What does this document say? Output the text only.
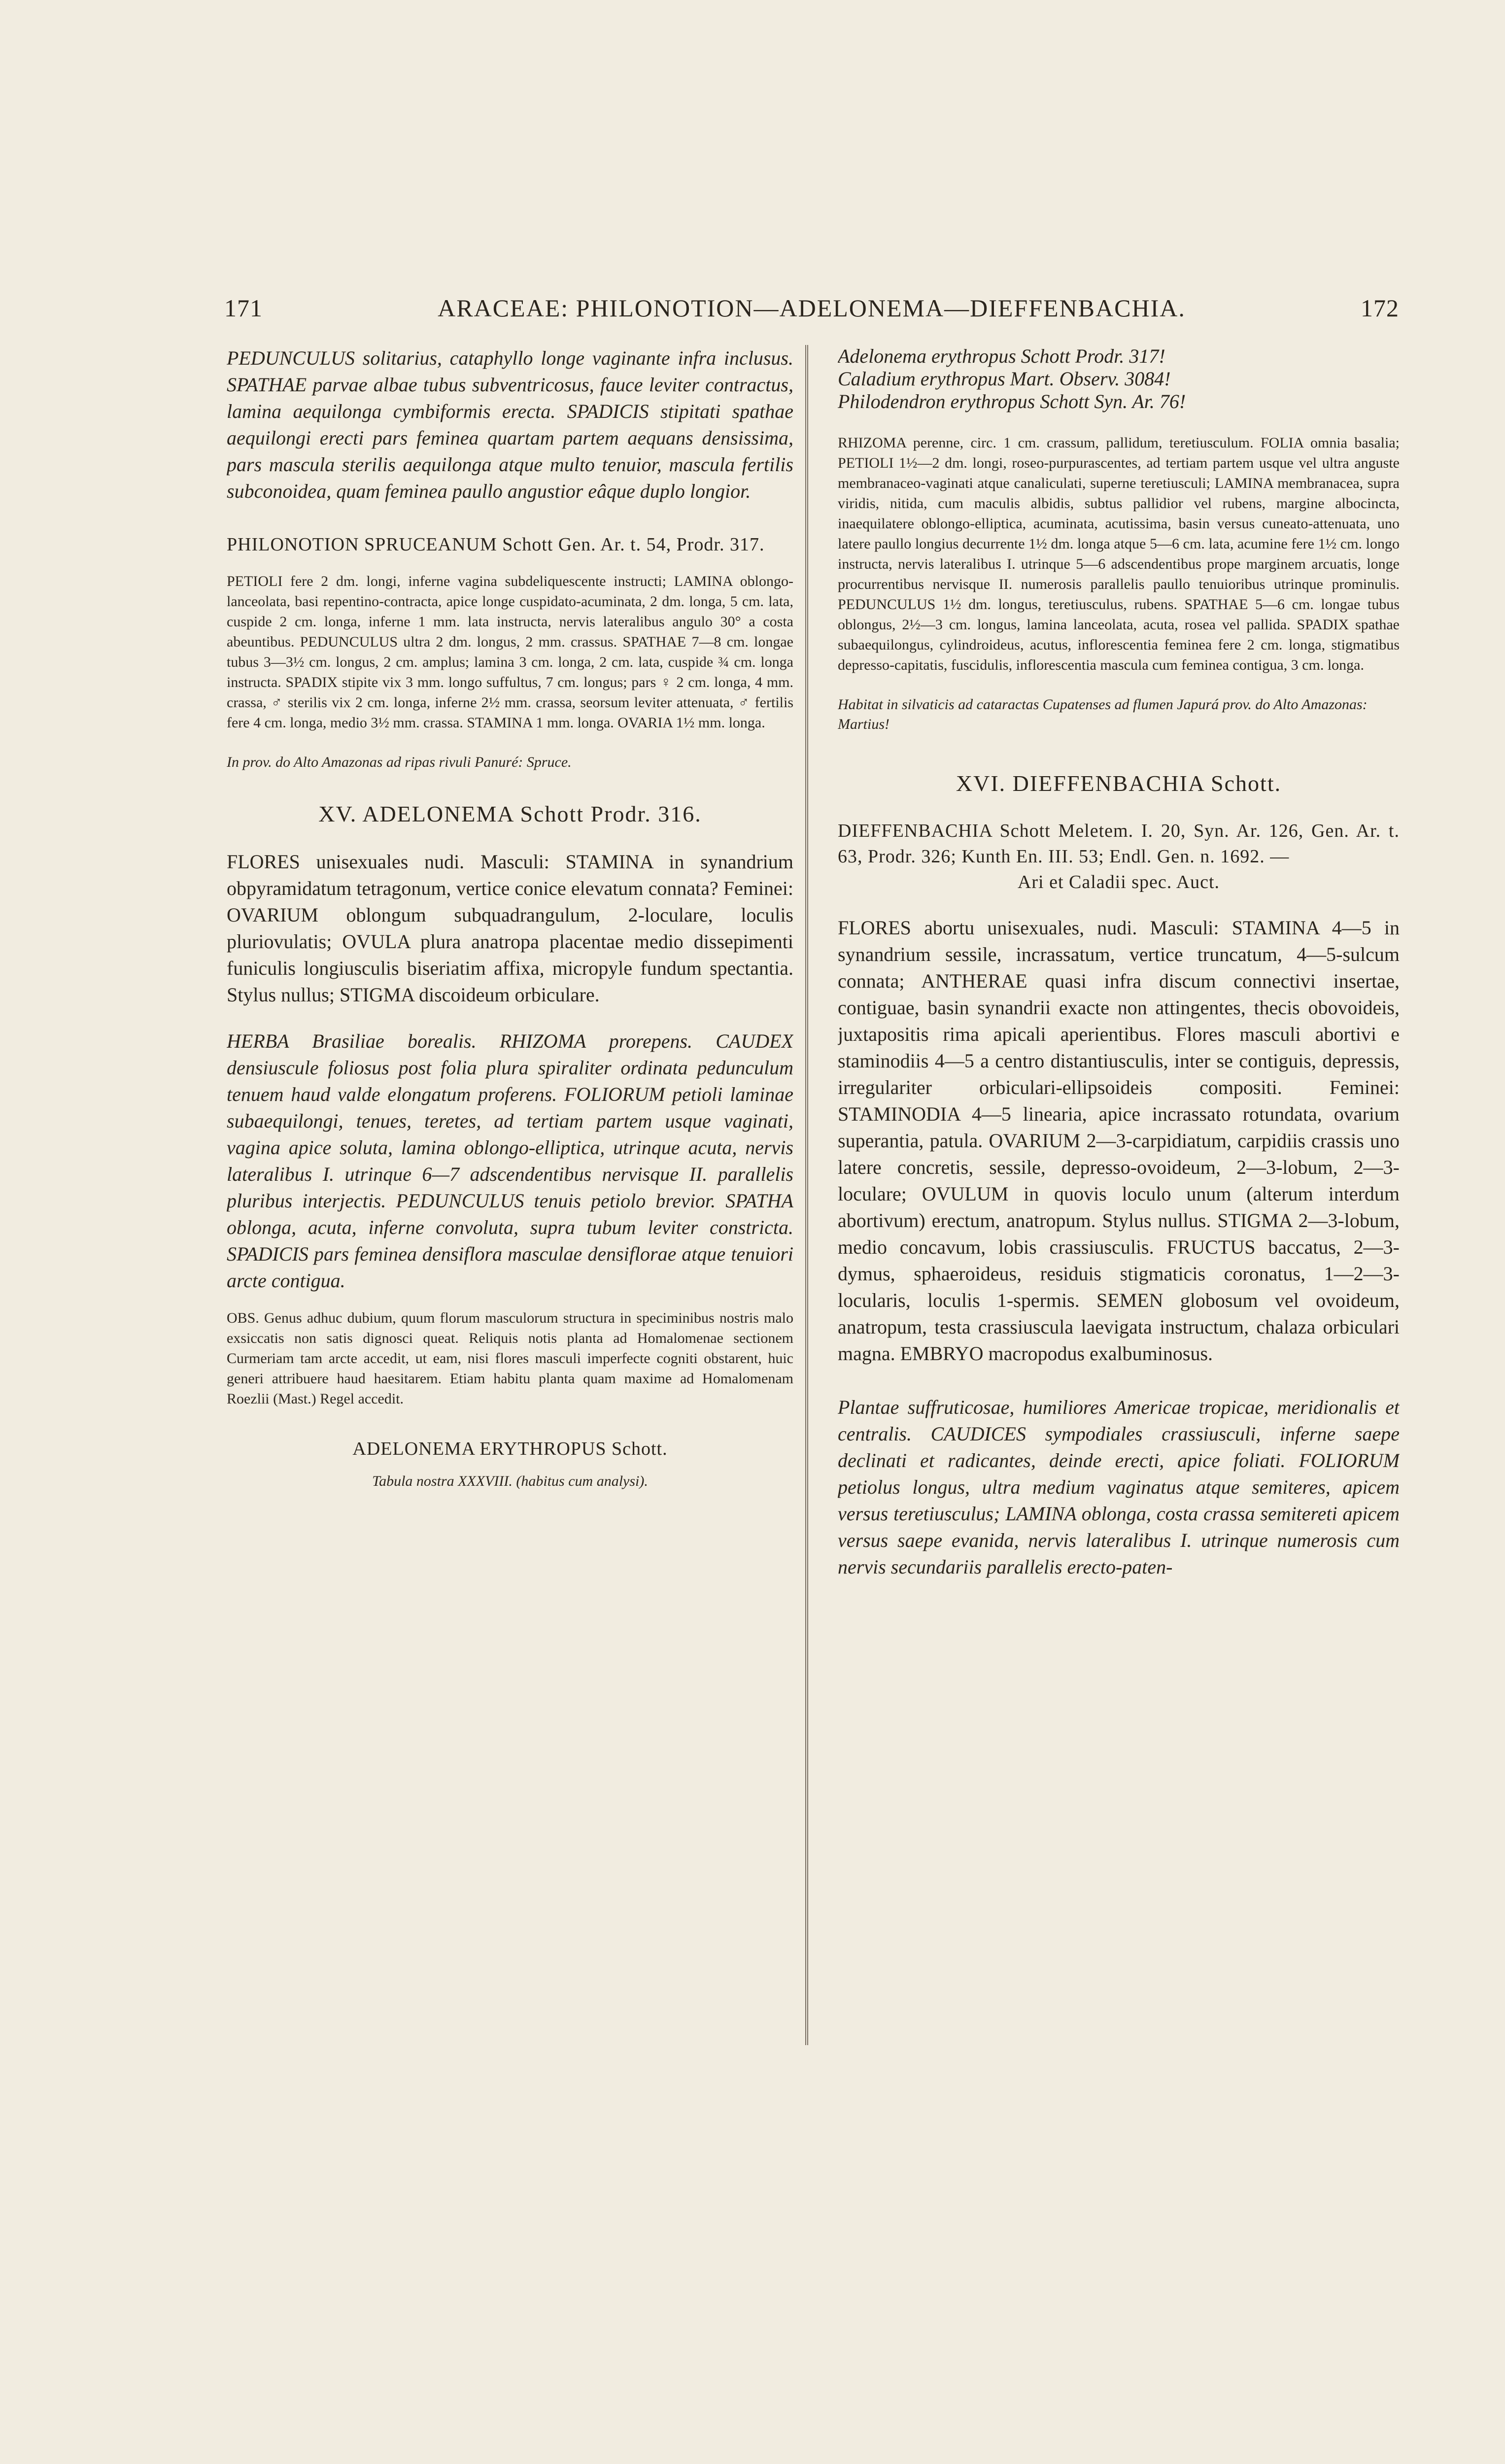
171	ARACEAE: PHILONOTION—ADELONEMA—DIEFFENBACHIA.	172

PEDUNCULUS solitarius, cataphyllo longe vaginante infra inclusus. SPATHAE parvae albae tubus subventricosus, fauce leviter contractus, lamina aequilonga cymbiformis erecta. SPADICIS stipitati spathae aequilongi erecti pars feminea quartam partem aequans densissima, pars mascula sterilis aequilonga atque multo tenuior, mascula fertilis subconoidea, quam feminea paullo angustior eâque duplo longior.

PHILONOTION SPRUCEANUM Schott Gen. Ar. t. 54, Prodr. 317.

PETIOLI fere 2 dm. longi, inferne vagina subdeliquescente instructi; LAMINA oblongo-lanceolata, basi repentino-contracta, apice longe cuspidato-acuminata, 2 dm. longa, 5 cm. lata, cuspide 2 cm. longa, inferne 1 mm. lata instructa, nervis lateralibus angulo 30° a costa abeuntibus. PEDUNCULUS ultra 2 dm. longus, 2 mm. crassus. SPATHAE 7—8 cm. longae tubus 3—3½ cm. longus, 2 cm. amplus; lamina 3 cm. longa, 2 cm. lata, cuspide ¾ cm. longa instructa. SPADIX stipite vix 3 mm. longo suffultus, 7 cm. longus; pars ♀ 2 cm. longa, 4 mm. crassa, ♂ sterilis vix 2 cm. longa, inferne 2½ mm. crassa, seorsum leviter attenuata, ♂ fertilis fere 4 cm. longa, medio 3½ mm. crassa. STAMINA 1 mm. longa. OVARIA 1½ mm. longa.

In prov. do Alto Amazonas ad ripas rivuli Panuré: Spruce.

XV. ADELONEMA Schott Prodr. 316.

FLORES unisexuales nudi. Masculi: STAMINA in synandrium obpyramidatum tetragonum, vertice conice elevatum connata? Feminei: OVARIUM oblongum subquadrangulum, 2-loculare, loculis pluriovulatis; OVULA plura anatropa placentae medio dissepimenti funiculis longiusculis biseriatim affixa, micropyle fundum spectantia. Stylus nullus; STIGMA discoideum orbiculare.

HERBA Brasiliae borealis. RHIZOMA prorepens. CAUDEX densiuscule foliosus post folia plura spiraliter ordinata pedunculum tenuem haud valde elongatum proferens. FOLIORUM petioli laminae subaequilongi, tenues, teretes, ad tertiam partem usque vaginati, vagina apice soluta, lamina oblongo-elliptica, utrinque acuta, nervis lateralibus I. utrinque 6—7 adscendentibus nervisque II. parallelis pluribus interjectis. PEDUNCULUS tenuis petiolo brevior. SPATHA oblonga, acuta, inferne convoluta, supra tubum leviter constricta. SPADICIS pars feminea densiflora masculae densiflorae atque tenuiori arcte contigua.

OBS. Genus adhuc dubium, quum florum masculorum structura in speciminibus nostris malo exsiccatis non satis dignosci queat. Reliquis notis planta ad Homalomenae sectionem Curmeriam tam arcte accedit, ut eam, nisi flores masculi imperfecte cogniti obstarent, huic generi attribuere haud haesitarem. Etiam habitu planta quam maxime ad Homalomenam Roezlii (Mast.) Regel accedit.

ADELONEMA ERYTHROPUS Schott.

Tabula nostra XXXVIII. (habitus cum analysi).

Adelonema erythropus Schott Prodr. 317!

Caladium erythropus Mart. Observ. 3084!

Philodendron erythropus Schott Syn. Ar. 76!

RHIZOMA perenne, circ. 1 cm. crassum, pallidum, teretiusculum. FOLIA omnia basalia; PETIOLI 1½—2 dm. longi, roseo-purpurascentes, ad tertiam partem usque vel ultra anguste membranaceo-vaginati atque canaliculati, superne teretiusculi; LAMINA membranacea, supra viridis, nitida, cum maculis albidis, subtus pallidior vel rubens, margine albocincta, inaequilatere oblongo-elliptica, acuminata, acutissima, basin versus cuneato-attenuata, uno latere paullo longius decurrente 1½ dm. longa atque 5—6 cm. lata, acumine fere 1½ cm. longo instructa, nervis lateralibus I. utrinque 5—6 adscendentibus prope marginem arcuatis, longe procurrentibus nervisque II. numerosis parallelis paullo tenuioribus utrinque prominulis. PEDUNCULUS 1½ dm. longus, teretiusculus, rubens. SPATHAE 5—6 cm. longae tubus oblongus, 2½—3 cm. longus, lamina lanceolata, acuta, rosea vel pallida. SPADIX spathae subaequilongus, cylindroideus, acutus, inflorescentia feminea fere 2 cm. longa, stigmatibus depresso-capitatis, fuscidulis, inflorescentia mascula cum feminea contigua, 3 cm. longa.

Habitat in silvaticis ad cataractas Cupatenses ad flumen Japurá prov. do Alto Amazonas: Martius!

XVI. DIEFFENBACHIA Schott.

DIEFFENBACHIA Schott Meletem. I. 20, Syn. Ar. 126, Gen. Ar. t. 63, Prodr. 326; Kunth En. III. 53; Endl. Gen. n. 1692. —

Ari et Caladii spec. Auct.

FLORES abortu unisexuales, nudi. Masculi: STAMINA 4—5 in synandrium sessile, incrassatum, vertice truncatum, 4—5-sulcum connata; ANTHERAE quasi infra discum connectivi insertae, contiguae, basin synandrii exacte non attingentes, thecis obovoideis, juxtapositis rima apicali aperientibus. Flores masculi abortivi e staminodiis 4—5 a centro distantiusculis, inter se contiguis, depressis, irregulariter orbiculari-ellipsoideis compositi. Feminei: STAMINODIA 4—5 linearia, apice incrassato rotundata, ovarium superantia, patula. OVARIUM 2—3-carpidiatum, carpidiis crassis uno latere concretis, sessile, depresso-ovoideum, 2—3-lobum, 2—3-loculare; OVULUM in quovis loculo unum (alterum interdum abortivum) erectum, anatropum. Stylus nullus. STIGMA 2—3-lobum, medio concavum, lobis crassiusculis. FRUCTUS baccatus, 2—3-dymus, sphaeroideus, residuis stigmaticis coronatus, 1—2—3-locularis, loculis 1-spermis. SEMEN globosum vel ovoideum, anatropum, testa crassiuscula laevigata instructum, chalaza orbiculari magna. EMBRYO macropodus exalbuminosus.

Plantae suffruticosae, humiliores Americae tropicae, meridionalis et centralis. CAUDICES sympodiales crassiusculi, inferne saepe declinati et radicantes, deinde erecti, apice foliati. FOLIORUM petiolus longus, ultra medium vaginatus atque semiteres, apicem versus teretiusculus; LAMINA oblonga, costa crassa semitereti apicem versus saepe evanida, nervis lateralibus I. utrinque numerosis cum nervis secundariis parallelis erecto-paten-
